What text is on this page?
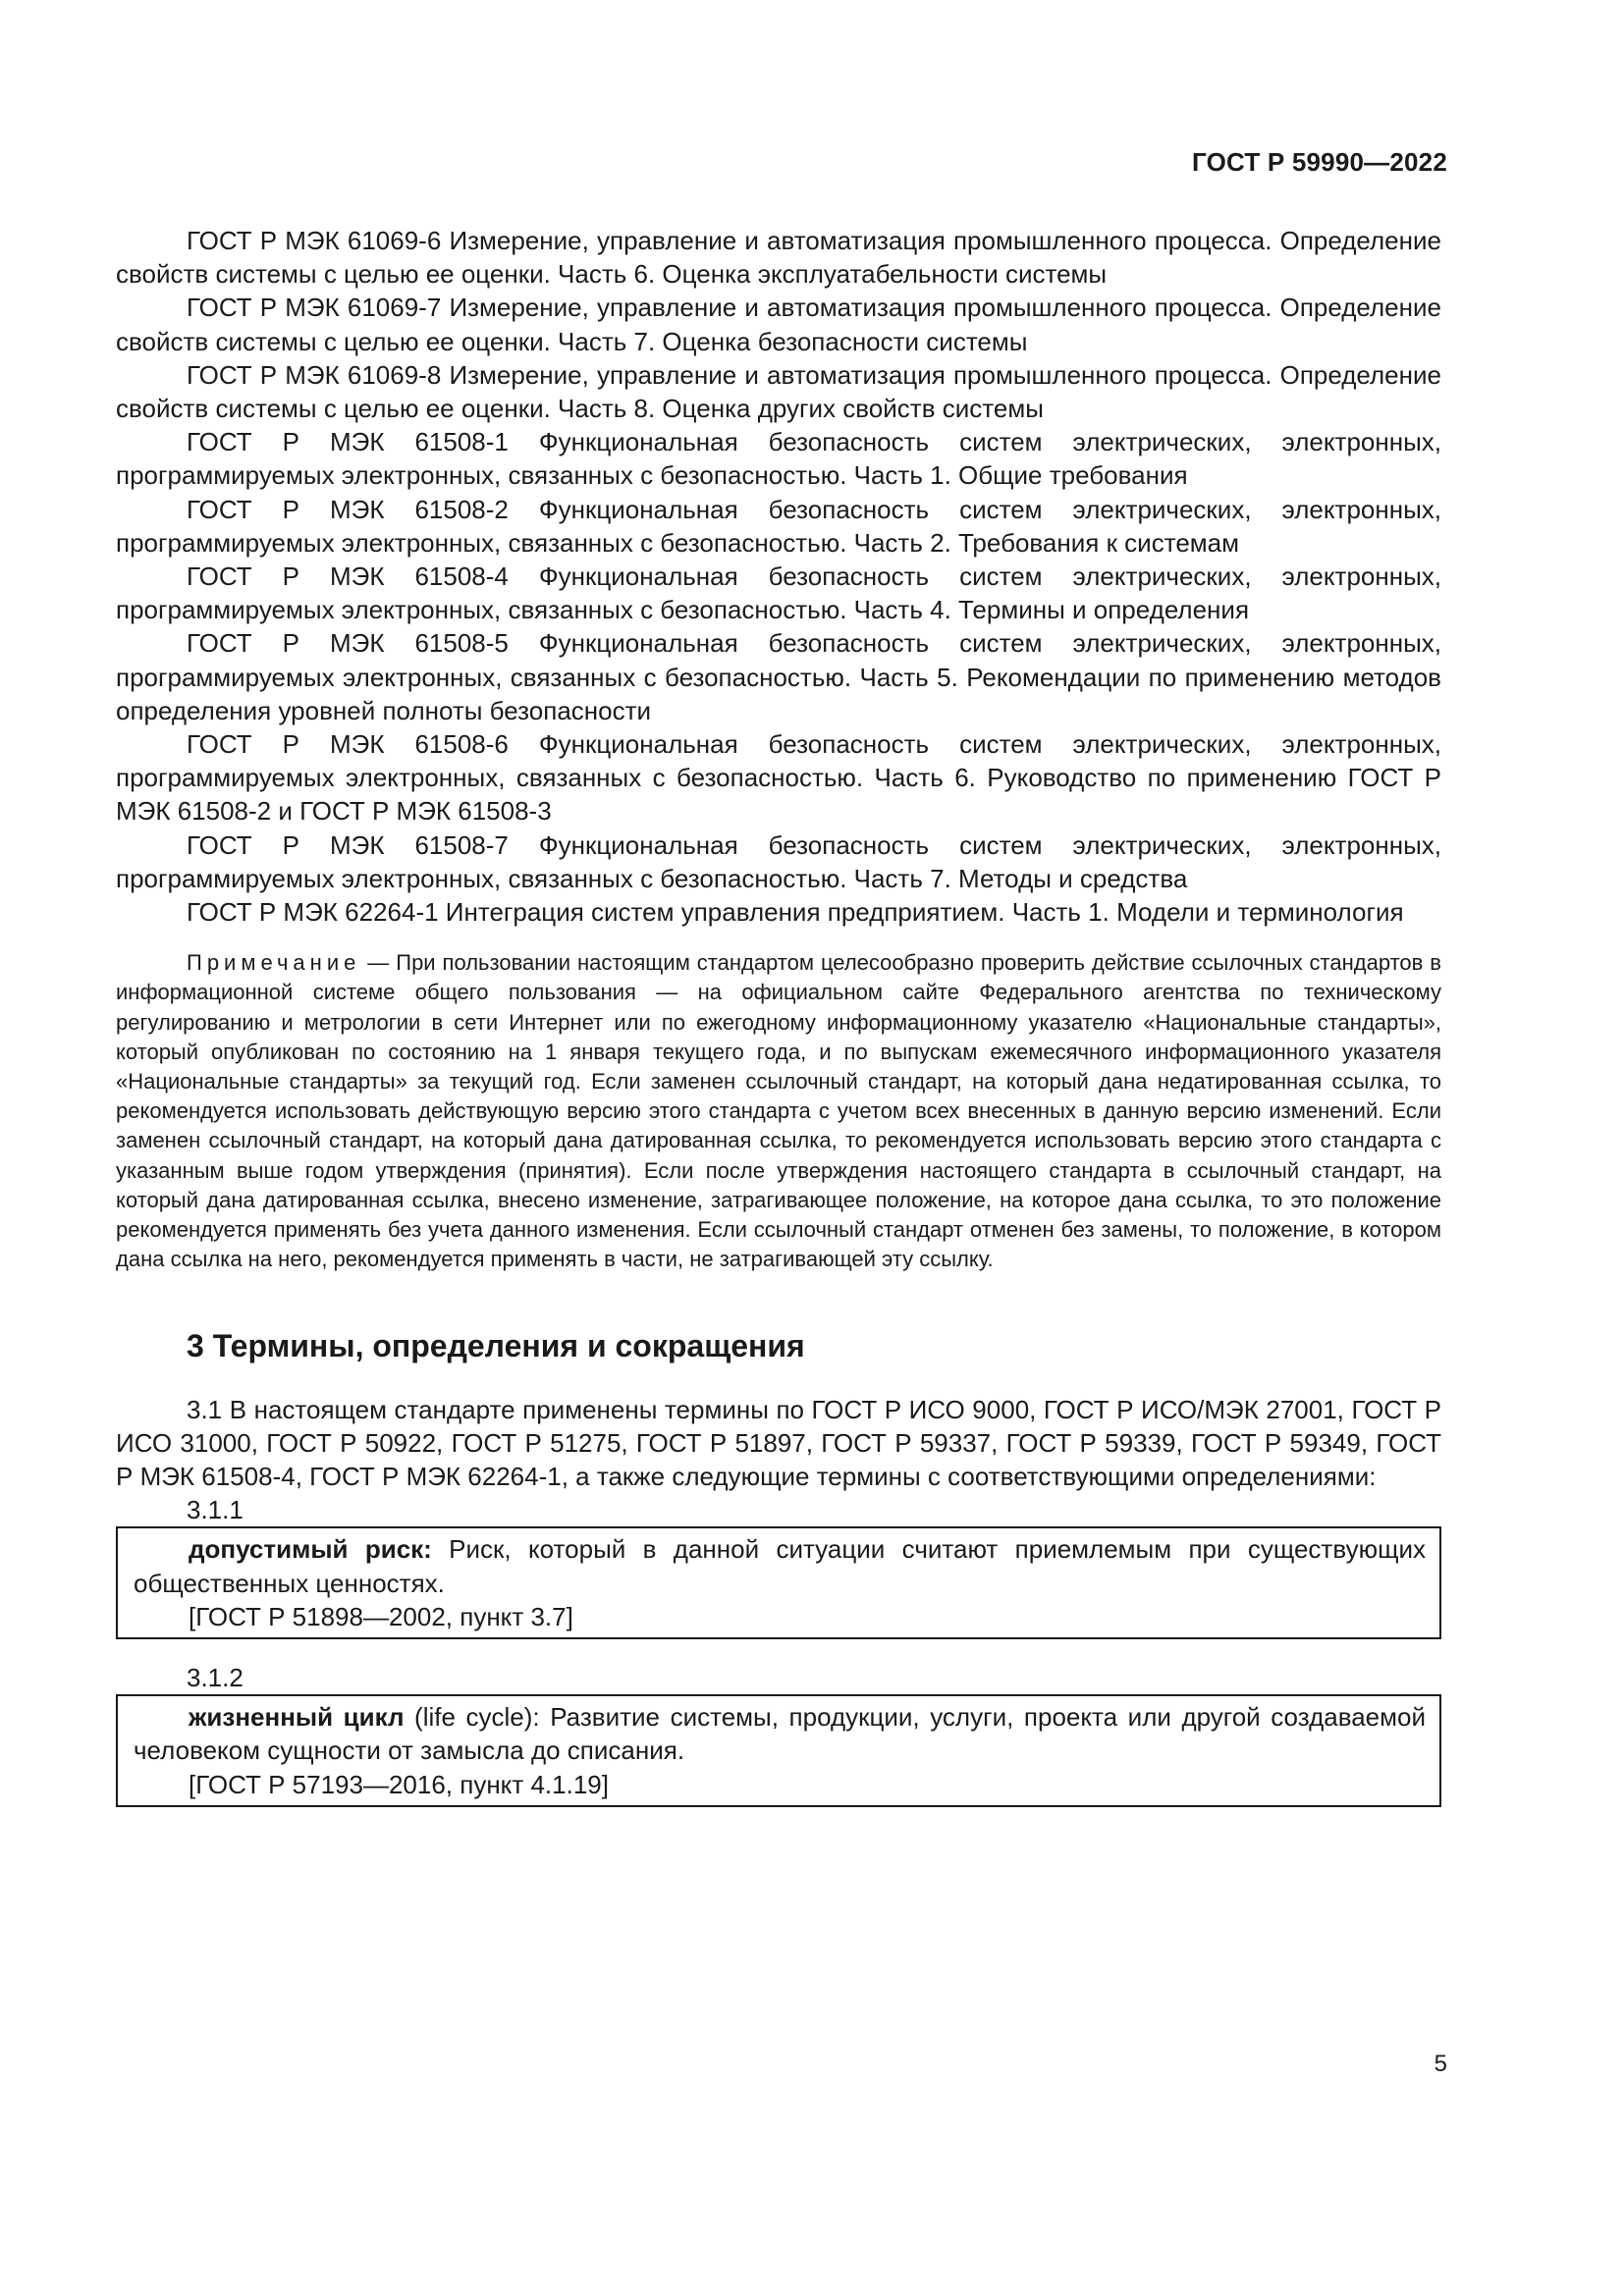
ГОСТ Р 59990—2022

ГОСТ Р МЭК 61069-6 Измерение, управление и автоматизация промышленного процесса. Определение свойств системы с целью ее оценки. Часть 6. Оценка эксплуатабельности системы

ГОСТ Р МЭК 61069-7 Измерение, управление и автоматизация промышленного процесса. Определение свойств системы с целью ее оценки. Часть 7. Оценка безопасности системы

ГОСТ Р МЭК 61069-8 Измерение, управление и автоматизация промышленного процесса. Определение свойств системы с целью ее оценки. Часть 8. Оценка других свойств системы

ГОСТ Р МЭК 61508-1 Функциональная безопасность систем электрических, электронных, программируемых электронных, связанных с безопасностью. Часть 1. Общие требования

ГОСТ Р МЭК 61508-2 Функциональная безопасность систем электрических, электронных, программируемых электронных, связанных с безопасностью. Часть 2. Требования к системам

ГОСТ Р МЭК 61508-4 Функциональная безопасность систем электрических, электронных, программируемых электронных, связанных с безопасностью. Часть 4. Термины и определения

ГОСТ Р МЭК 61508-5 Функциональная безопасность систем электрических, электронных, программируемых электронных, связанных с безопасностью. Часть 5. Рекомендации по применению методов определения уровней полноты безопасности

ГОСТ Р МЭК 61508-6 Функциональная безопасность систем электрических, электронных, программируемых электронных, связанных с безопасностью. Часть 6. Руководство по применению ГОСТ Р МЭК 61508-2 и ГОСТ Р МЭК 61508-3

ГОСТ Р МЭК 61508-7 Функциональная безопасность систем электрических, электронных, программируемых электронных, связанных с безопасностью. Часть 7. Методы и средства

ГОСТ Р МЭК 62264-1 Интеграция систем управления предприятием. Часть 1. Модели и терминология

Примечание — При пользовании настоящим стандартом целесообразно проверить действие ссылочных стандартов в информационной системе общего пользования — на официальном сайте Федерального агентства по техническому регулированию и метрологии в сети Интернет или по ежегодному информационному указателю «Национальные стандарты», который опубликован по состоянию на 1 января текущего года, и по выпускам ежемесячного информационного указателя «Национальные стандарты» за текущий год. Если заменен ссылочный стандарт, на который дана недатированная ссылка, то рекомендуется использовать действующую версию этого стандарта с учетом всех внесенных в данную версию изменений. Если заменен ссылочный стандарт, на который дана датированная ссылка, то рекомендуется использовать версию этого стандарта с указанным выше годом утверждения (принятия). Если после утверждения настоящего стандарта в ссылочный стандарт, на который дана датированная ссылка, внесено изменение, затрагивающее положение, на которое дана ссылка, то это положение рекомендуется применять без учета данного изменения. Если ссылочный стандарт отменен без замены, то положение, в котором дана ссылка на него, рекомендуется применять в части, не затрагивающей эту ссылку.

3 Термины, определения и сокращения

3.1 В настоящем стандарте применены термины по ГОСТ Р ИСО 9000, ГОСТ Р ИСО/МЭК 27001, ГОСТ Р ИСО 31000, ГОСТ Р 50922, ГОСТ Р 51275, ГОСТ Р 51897, ГОСТ Р 59337, ГОСТ Р 59339, ГОСТ Р 59349, ГОСТ Р МЭК 61508-4, ГОСТ Р МЭК 62264-1, а также следующие термины с соответствующими определениями:

3.1.1

допустимый риск: Риск, который в данной ситуации считают приемлемым при существующих общественных ценностях.

[ГОСТ Р 51898—2002, пункт 3.7]

3.1.2

жизненный цикл (life cycle): Развитие системы, продукции, услуги, проекта или другой создаваемой человеком сущности от замысла до списания.

[ГОСТ Р 57193—2016, пункт 4.1.19]

5
